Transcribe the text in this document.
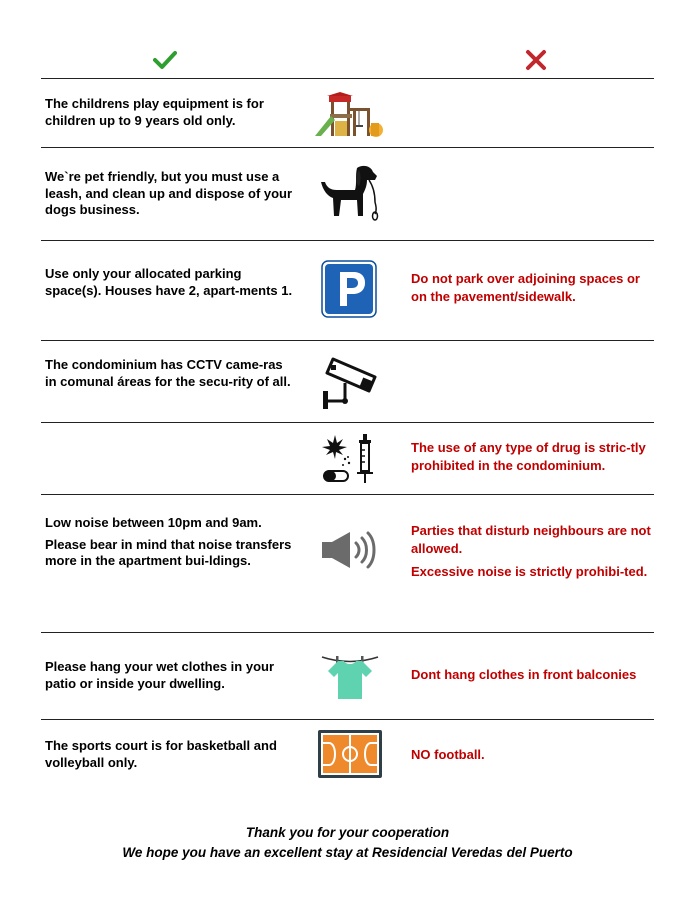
The childrens play equipment is for children up to 9 years old only.

We`re pet friendly, but you must use a leash, and clean up and dispose of your dogs business.

Use only your allocated parking space(s). Houses have 2, apart-ments 1.

Do not park over adjoining spaces or on the pavement/sidewalk.

The condominium has CCTV came-ras in comunal áreas for the secu-rity of all.

The use of any type of drug is stric-tly prohibited in the condominium.

Low noise between 10pm and 9am.

Please bear in mind that noise transfers more in the apartment bui-ldings.

Parties that disturb neighbours are not allowed.

Excessive noise is strictly prohibi-ted.

Please hang your wet clothes in your patio or inside your dwelling.

Dont hang clothes in front balconies

The sports court is for basketball and volleyball only.	NO football.

Thank you for your cooperation
We hope you have an excellent stay at Residencial Veredas del Puerto
